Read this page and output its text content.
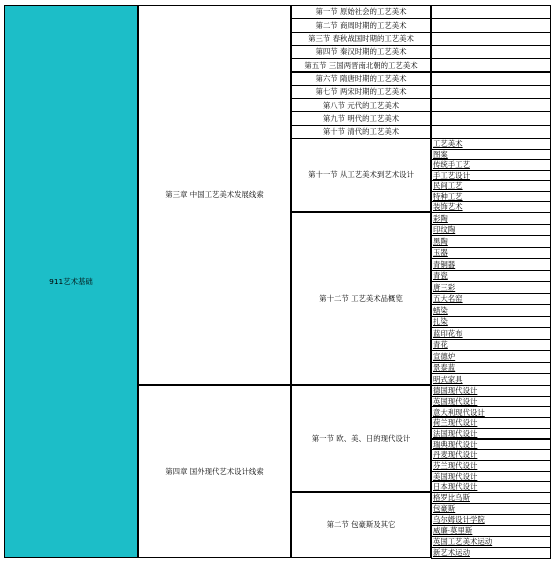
911艺术基础
第三章 中国工艺美术发展线索
第四章 国外现代艺术设计线索
第一节 原始社会的工艺美术
第二节 商周时期的工艺美术
第三节 春秋战国时期的工艺美术
第四节 秦汉时期的工艺美术
第五节 三国两晋南北朝的工艺美术
第六节 隋唐时期的工艺美术
第七节 两宋时期的工艺美术
第八节 元代的工艺美术
第九节 明代的工艺美术
第十节 清代的工艺美术
第十一节 从工艺美术到艺术设计
工艺美术
图案
传统手工艺
手工艺设计
民间工艺
特种工艺
装饰艺术
第十二节 工艺美术品概览
彩陶
印纹陶
黑陶
玉器
青铜器
青瓷
唐三彩
五大名窑
蜡染
扎染
蓝印花布
青花
宣德炉
景泰蓝
明式家具
第一节 欧、美、日的现代设计
德国现代设计
英国现代设计
意大利现代设计
荷兰现代设计
法国现代设计
瑞典现代设计
丹麦现代设计
芬兰现代设计
美国现代设计
日本现代设计
第二节 包豪斯及其它
格罗比乌斯
包豪斯
乌尔姆设计学院
威廉·莫里斯
英国工艺美术运动
新艺术运动
